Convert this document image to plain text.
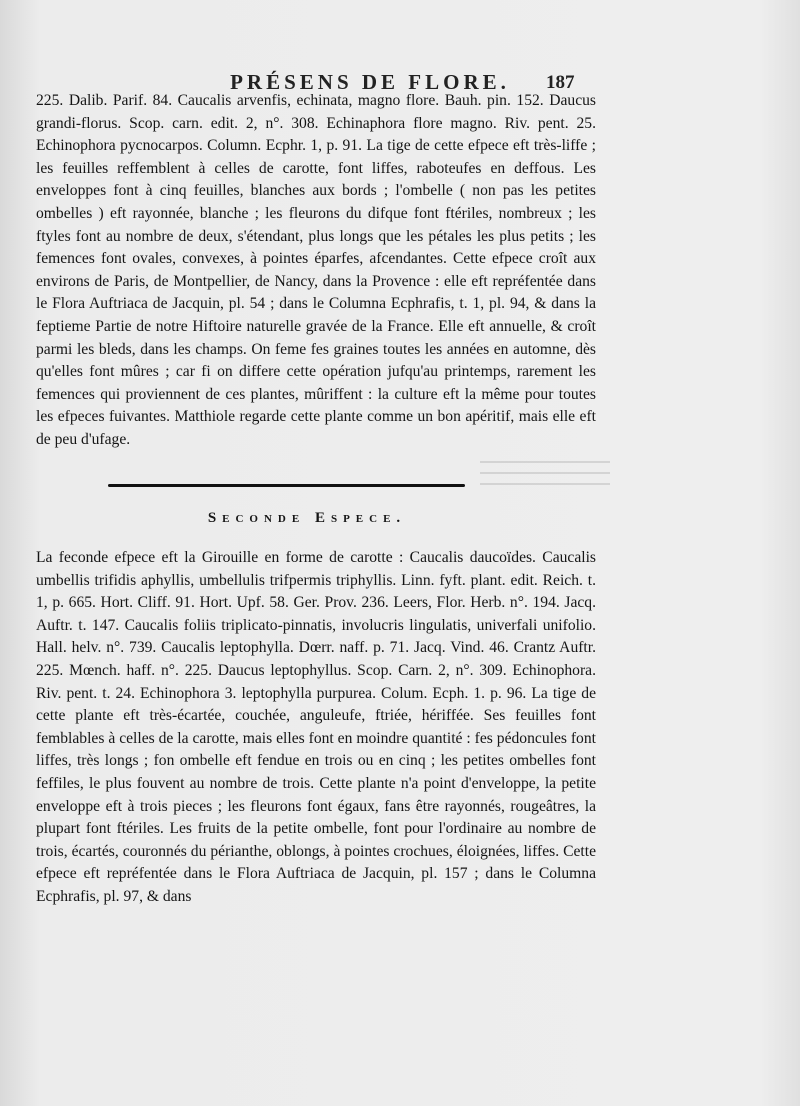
PRÉSENS DE FLORE.	187
225. Dalib. Parif. 84. Caucalis arvenfis, echinata, magno flore. Bauh. pin. 152. Daucus grandi-florus. Scop. carn. edit. 2, n°. 308. Echinaphora flore magno. Riv. pent. 25. Echinophora pycnocarpos. Column. Ecphr. 1, p. 91. La tige de cette efpece eft très-liffe ; les feuilles reffemblent à celles de carotte, font liffes, raboteufes en deffous. Les enveloppes font à cinq feuilles, blanches aux bords ; l'ombelle ( non pas les petites ombelles ) eft rayonnée, blanche ; les fleurons du difque font ftériles, nombreux ; les ftyles font au nombre de deux, s'étendant, plus longs que les pétales les plus petits ; les femences font ovales, convexes, à pointes éparfes, afcendantes. Cette efpece croît aux environs de Paris, de Montpellier, de Nancy, dans la Provence : elle eft repréfentée dans le Flora Auftriaca de Jacquin, pl. 54 ; dans le Columna Ecphrafis, t. 1, pl. 94, & dans la feptieme Partie de notre Hiftoire naturelle gravée de la France. Elle eft annuelle, & croît parmi les bleds, dans les champs. On feme fes graines toutes les années en automne, dès qu'elles font mûres ; car fi on differe cette opération jufqu'au printemps, rarement les femences qui proviennent de ces plantes, mûriffent : la culture eft la même pour toutes les efpeces fuivantes. Matthiole regarde cette plante comme un bon apéritif, mais elle eft de peu d'ufage.
Seconde Espece.
La feconde efpece eft la Girouille en forme de carotte : Caucalis daucoïdes. Caucalis umbellis trifidis aphyllis, umbellulis trifpermis triphyllis. Linn. fyft. plant. edit. Reich. t. 1, p. 665. Hort. Cliff. 91. Hort. Upf. 58. Ger. Prov. 236. Leers, Flor. Herb. n°. 194. Jacq. Auftr. t. 147. Caucalis foliis triplicato-pinnatis, involucris lingulatis, univerfali unifolio. Hall. helv. n°. 739. Caucalis leptophylla. Dœrr. naff. p. 71. Jacq. Vind. 46. Crantz Auftr. 225. Mœnch. haff. n°. 225. Daucus leptophyllus. Scop. Carn. 2, n°. 309. Echinophora. Riv. pent. t. 24. Echinophora 3. leptophylla purpurea. Colum. Ecph. 1. p. 96. La tige de cette plante eft très-écartée, couchée, anguleufe, ftriée, hériffée. Ses feuilles font femblables à celles de la carotte, mais elles font en moindre quantité : fes pédoncules font liffes, très longs ; fon ombelle eft fendue en trois ou en cinq ; les petites ombelles font feffiles, le plus fouvent au nombre de trois. Cette plante n'a point d'enveloppe, la petite enveloppe eft à trois pieces ; les fleurons font égaux, fans être rayonnés, rougeâtres, la plupart font ftériles. Les fruits de la petite ombelle, font pour l'ordinaire au nombre de trois, écartés, couronnés du périanthe, oblongs, à pointes crochues, éloignées, liffes. Cette efpece eft repréfentée dans le Flora Auftriaca de Jacquin, pl. 157 ; dans le Columna Ecphrafis, pl. 97, & dans
